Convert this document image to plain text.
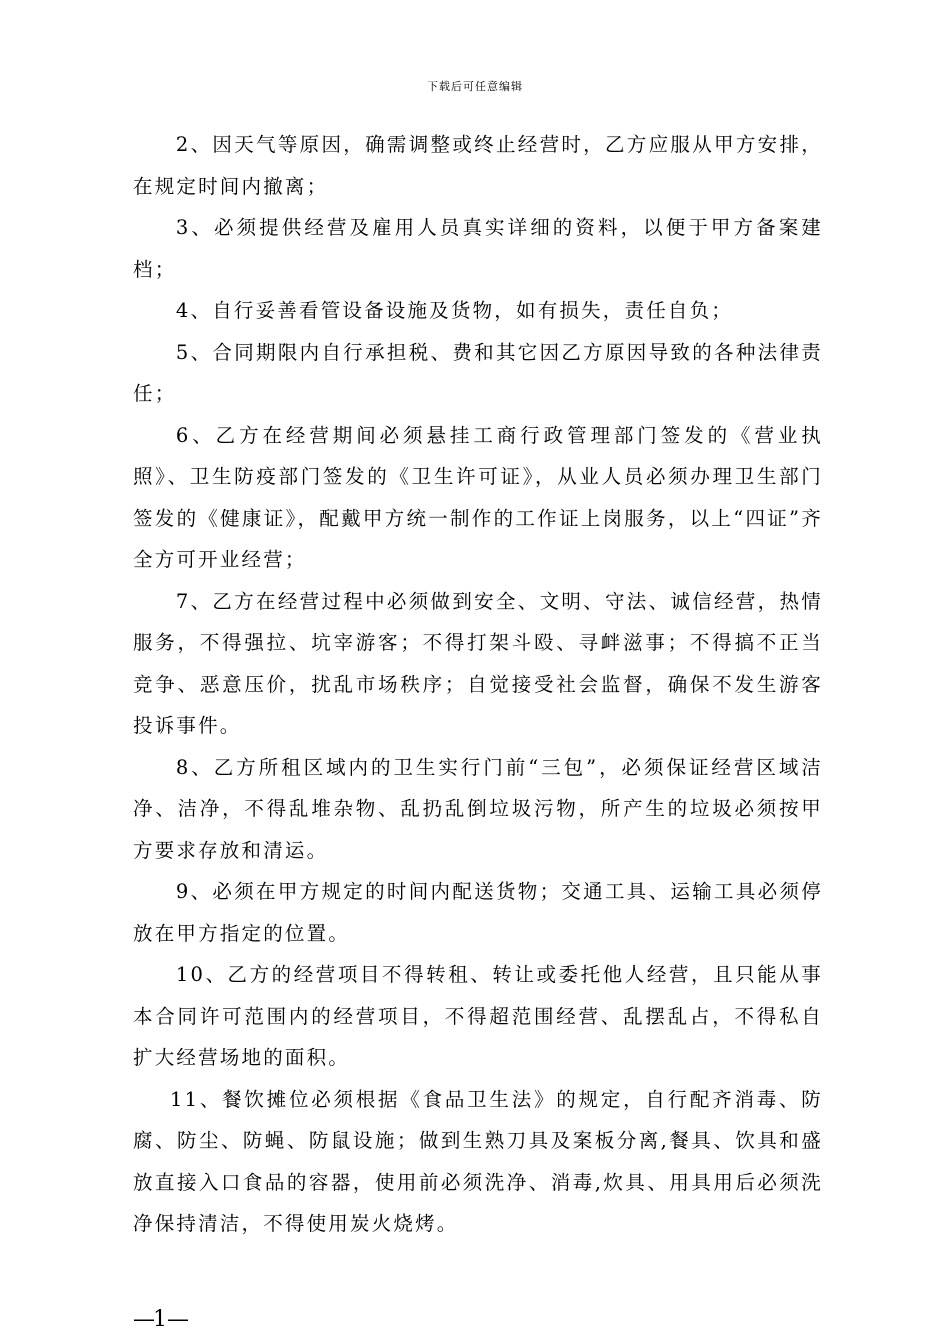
下载后可任意编辑

2、因天气等原因，确需调整或终止经营时，乙方应服从甲方安排，在规定时间内撤离；

3、必须提供经营及雇用人员真实详细的资料，以便于甲方备案建档；

4、自行妥善看管设备设施及货物，如有损失，责任自负；

5、合同期限内自行承担税、费和其它因乙方原因导致的各种法律责任；

6、乙方在经营期间必须悬挂工商行政管理部门签发的《营业执照》、卫生防疫部门签发的《卫生许可证》，从业人员必须办理卫生部门签发的《健康证》，配戴甲方统一制作的工作证上岗服务，以上“四证”齐全方可开业经营；

7、乙方在经营过程中必须做到安全、文明、守法、诚信经营，热情服务，不得强拉、坑宰游客；不得打架斗殴、寻衅滋事；不得搞不正当竞争、恶意压价，扰乱市场秩序；自觉接受社会监督，确保不发生游客投诉事件。

8、乙方所租区域内的卫生实行门前“三包”，必须保证经营区域洁净、洁净，不得乱堆杂物、乱扔乱倒垃圾污物，所产生的垃圾必须按甲方要求存放和清运。

9、必须在甲方规定的时间内配送货物；交通工具、运输工具必须停放在甲方指定的位置。

10、乙方的经营项目不得转租、转让或委托他人经营，且只能从事本合同许可范围内的经营项目，不得超范围经营、乱摆乱占，不得私自扩大经营场地的面积。

11、餐饮摊位必须根据《食品卫生法》的规定，自行配齐消毒、防腐、防尘、防蝇、防鼠设施；做到生熟刀具及案板分离,餐具、饮具和盛放直接入口食品的容器，使用前必须洗净、消毒,炊具、用具用后必须洗净保持清洁，不得使用炭火烧烤。

—1—
